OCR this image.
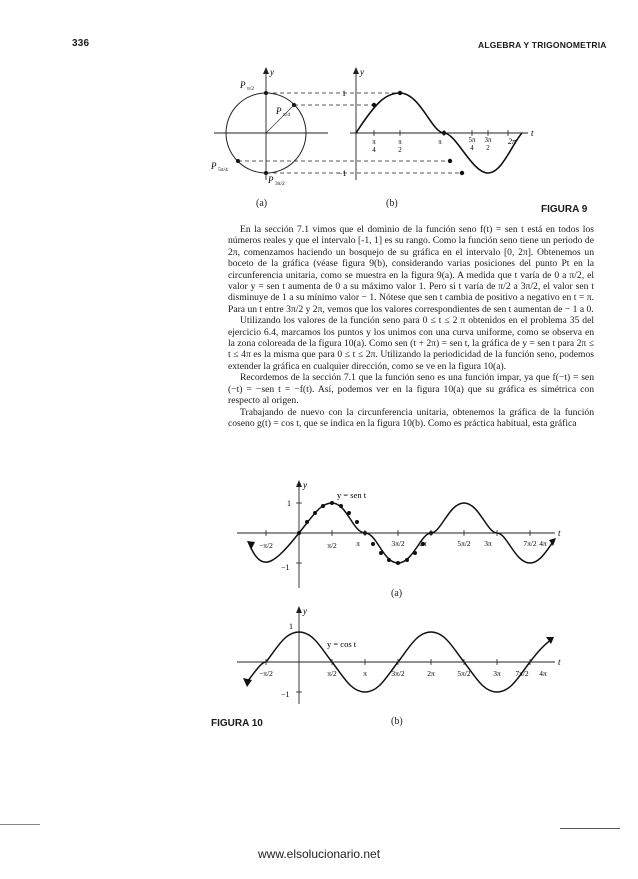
336	ALGEBRA Y TRIGONOMETRIA
y
P π/2
P π/4
P 5π/4
P 3π/2
y
t
1
−1
π
4
π
2
π	5π
4
3π
2
2π
(a)	(b)
FIGURA 9

En la sección 7.1 vimos que el dominio de la función seno f(t) = sen t está en todos los números reales y que el intervalo [-1, 1] es su rango. Como la función seno tiene un periodo de 2π, comenzamos haciendo un bosquejo de su gráfica en el intervalo [0, 2π]. Obtenemos un boceto de la gráfica (véase figura 9(b), considerando varias posiciones del punto Pt en la circunferencia unitaria, como se muestra en la figura 9(a). A medida que t varía de 0 a π/2, el valor y = sen t aumenta de 0 a su máximo valor 1. Pero si t varía de π/2 a 3π/2, el valor sen t disminuye de 1 a su mínimo valor − 1. Nótese que sen t cambia de positivo a negativo en t = π. Para un t entre 3π/2 y 2π, vemos que los valores correspondientes de sen t aumentan de − 1 a 0.

Utilizando los valores de la función seno para 0 ≤ t ≤ 2 π obtenidos en el problema 35 del ejercicio 6.4, marcamos los puntos y los unimos con una curva uniforme, como se observa en la zona coloreada de la figura 10(a). Como sen (t + 2π) = sen t, la gráfica de y = sen t para 2π ≤ t ≤ 4π es la misma que para 0 ≤ t ≤ 2π. Utilizando la periodicidad de la función seno, podemos extender la gráfica en cualquier dirección, como se ve en la figura 10(a).

Recordemos de la sección 7.1 que la función seno es una función impar, ya que f(−t) = sen (−t) = −sen t = −f(t). Así, podemos ver en la figura 10(a) que su gráfica es simétrica con respecto al origen.

Trabajando de nuevo con la circunferencia unitaria, obtenemos la gráfica de la función coseno g(t) = cos t, que se indica en la figura 10(b). Como es práctica habitual, esta gráfica

y
t
1
−1
y = sen t
−π/2	π/2	π	3π/2 2π	5π/2 3π	7π/2 4π
(a)
y
t
1
−1
y = cos t
−π/2	π/2	π	3π/2	2π	5π/2	3π 7π/2 4π
FIGURA 10	(b)
www.elsolucionario.net
